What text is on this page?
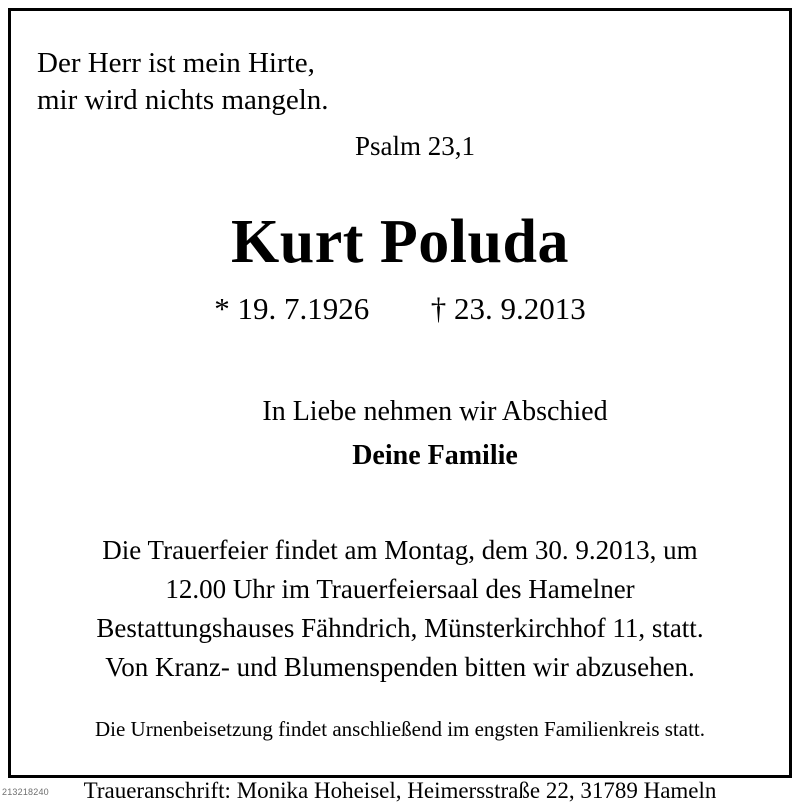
Der Herr ist mein Hirte,
mir wird nichts mangeln.
Psalm 23,1
Kurt Poluda
* 19. 7.1926 † 23. 9.2013
In Liebe nehmen wir Abschied
Deine Familie
Die Trauerfeier findet am Montag, dem 30. 9.2013, um
12.00 Uhr im Trauerfeiersaal des Hamelner
Bestattungshauses Fähndrich, Münsterkirchhof 11, statt.
Von Kranz- und Blumenspenden bitten wir abzusehen.
Die Urnenbeisetzung findet anschließend im engsten Familienkreis statt.
Traueranschrift: Monika Hoheisel, Heimersstraße 22, 31789 Hameln
213218240
